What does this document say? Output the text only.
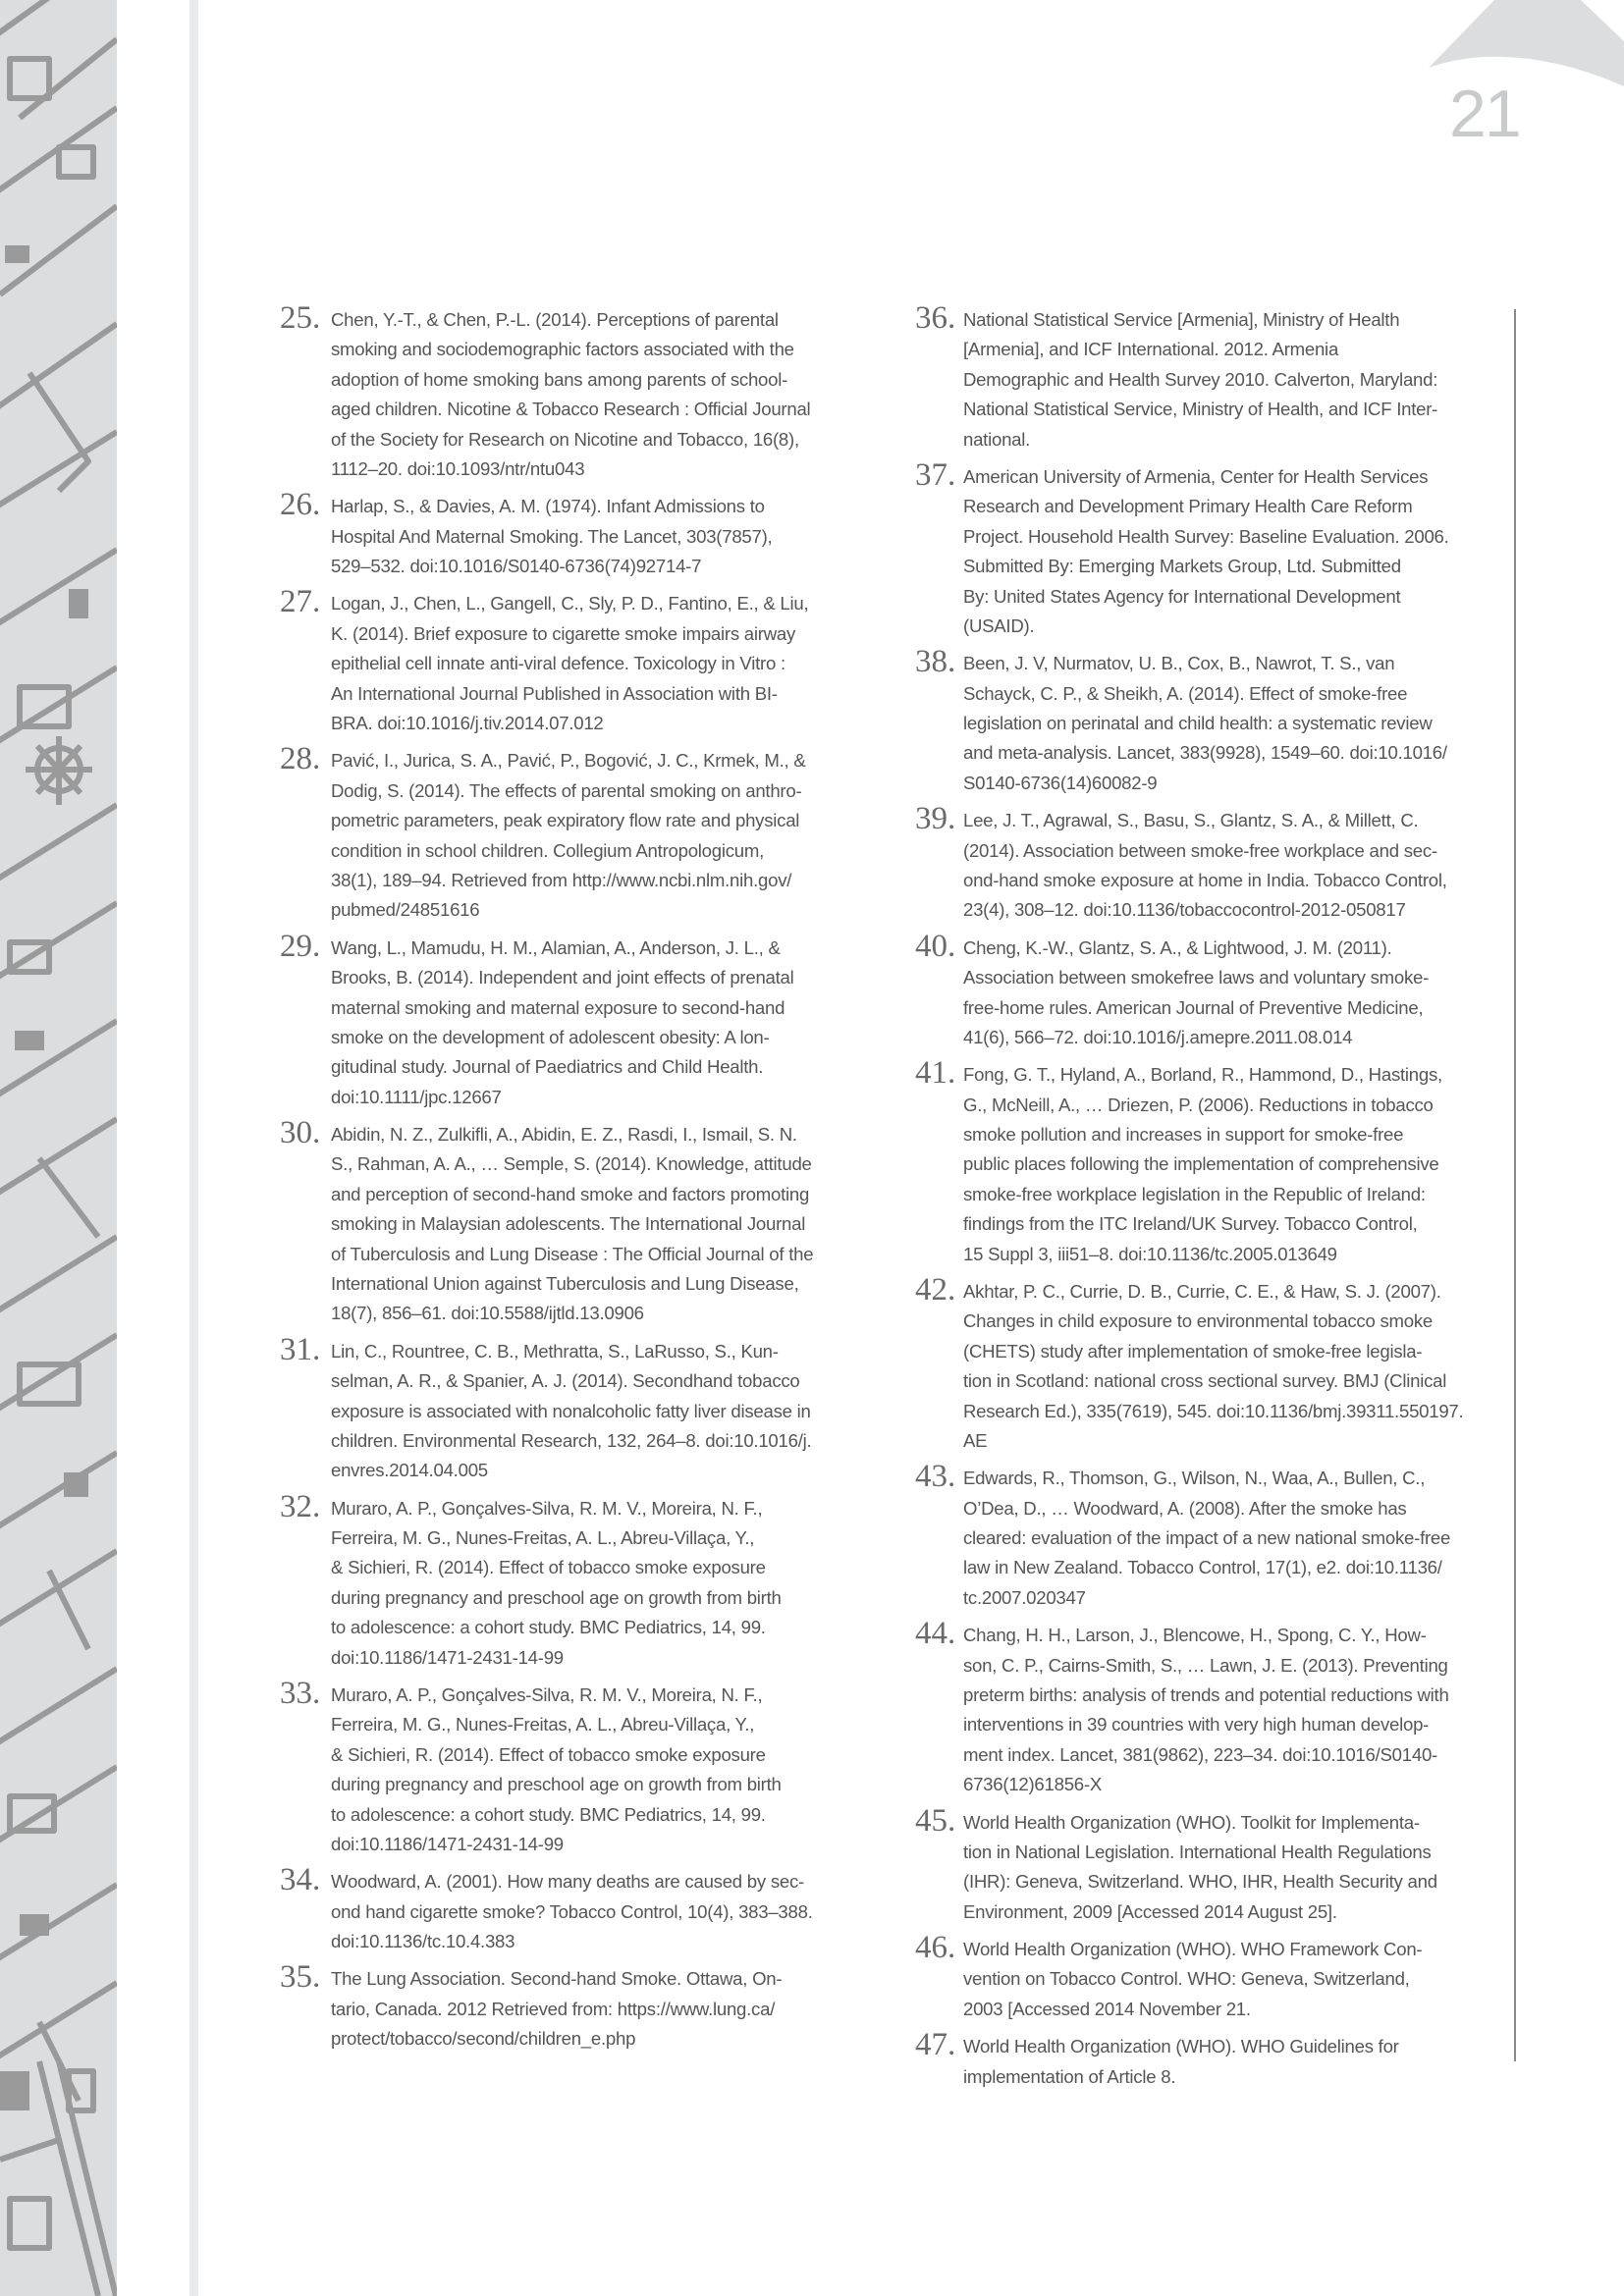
21
25. Chen, Y.-T., & Chen, P.-L. (2014). Perceptions of parental
smoking and sociodemographic factors associated with the
adoption of home smoking bans among parents of school-
aged children. Nicotine & Tobacco Research : Official Journal
of the Society for Research on Nicotine and Tobacco, 16(8),
1112–20. doi:10.1093/ntr/ntu043
26. Harlap, S., & Davies, A. M. (1974). Infant Admissions to
Hospital And Maternal Smoking. The Lancet, 303(7857),
529–532. doi:10.1016/S0140-6736(74)92714-7
27. Logan, J., Chen, L., Gangell, C., Sly, P. D., Fantino, E., & Liu,
K. (2014). Brief exposure to cigarette smoke impairs airway
epithelial cell innate anti-viral defence. Toxicology in Vitro :
An International Journal Published in Association with BI-
BRA. doi:10.1016/j.tiv.2014.07.012
28. Pavić, I., Jurica, S. A., Pavić, P., Bogović, J. C., Krmek, M., &
Dodig, S. (2014). The effects of parental smoking on anthro-
pometric parameters, peak expiratory flow rate and physical
condition in school children. Collegium Antropologicum,
38(1), 189–94. Retrieved from http://www.ncbi.nlm.nih.gov/
pubmed/24851616
29. Wang, L., Mamudu, H. M., Alamian, A., Anderson, J. L., &
Brooks, B. (2014). Independent and joint effects of prenatal
maternal smoking and maternal exposure to second-hand
smoke on the development of adolescent obesity: A lon-
gitudinal study. Journal of Paediatrics and Child Health.
doi:10.1111/jpc.12667
30. Abidin, N. Z., Zulkifli, A., Abidin, E. Z., Rasdi, I., Ismail, S. N.
S., Rahman, A. A., … Semple, S. (2014). Knowledge, attitude
and perception of second-hand smoke and factors promoting
smoking in Malaysian adolescents. The International Journal
of Tuberculosis and Lung Disease : The Official Journal of the
International Union against Tuberculosis and Lung Disease,
18(7), 856–61. doi:10.5588/ijtld.13.0906
31. Lin, C., Rountree, C. B., Methratta, S., LaRusso, S., Kun-
selman, A. R., & Spanier, A. J. (2014). Secondhand tobacco
exposure is associated with nonalcoholic fatty liver disease in
children. Environmental Research, 132, 264–8. doi:10.1016/j.
envres.2014.04.005
32. Muraro, A. P., Gonçalves-Silva, R. M. V., Moreira, N. F.,
Ferreira, M. G., Nunes-Freitas, A. L., Abreu-Villaça, Y.,
& Sichieri, R. (2014). Effect of tobacco smoke exposure
during pregnancy and preschool age on growth from birth
to adolescence: a cohort study. BMC Pediatrics, 14, 99.
doi:10.1186/1471-2431-14-99
33. Muraro, A. P., Gonçalves-Silva, R. M. V., Moreira, N. F.,
Ferreira, M. G., Nunes-Freitas, A. L., Abreu-Villaça, Y.,
& Sichieri, R. (2014). Effect of tobacco smoke exposure
during pregnancy and preschool age on growth from birth
to adolescence: a cohort study. BMC Pediatrics, 14, 99.
doi:10.1186/1471-2431-14-99
34. Woodward, A. (2001). How many deaths are caused by sec-
ond hand cigarette smoke? Tobacco Control, 10(4), 383–388.
doi:10.1136/tc.10.4.383
35. The Lung Association. Second-hand Smoke. Ottawa, On-
tario, Canada. 2012 Retrieved from: https://www.lung.ca/
protect/tobacco/second/children_e.php
36. National Statistical Service [Armenia], Ministry of Health
[Armenia], and ICF International. 2012. Armenia
Demographic and Health Survey 2010. Calverton, Maryland:
National Statistical Service, Ministry of Health, and ICF Inter-
national.
37. American University of Armenia, Center for Health Services
Research and Development Primary Health Care Reform
Project. Household Health Survey: Baseline Evaluation. 2006.
Submitted By: Emerging Markets Group, Ltd. Submitted
By: United States Agency for International Development
(USAID).
38. Been, J. V, Nurmatov, U. B., Cox, B., Nawrot, T. S., van
Schayck, C. P., & Sheikh, A. (2014). Effect of smoke-free
legislation on perinatal and child health: a systematic review
and meta-analysis. Lancet, 383(9928), 1549–60. doi:10.1016/
S0140-6736(14)60082-9
39. Lee, J. T., Agrawal, S., Basu, S., Glantz, S. A., & Millett, C.
(2014). Association between smoke-free workplace and sec-
ond-hand smoke exposure at home in India. Tobacco Control,
23(4), 308–12. doi:10.1136/tobaccocontrol-2012-050817
40. Cheng, K.-W., Glantz, S. A., & Lightwood, J. M. (2011).
Association between smokefree laws and voluntary smoke-
free-home rules. American Journal of Preventive Medicine,
41(6), 566–72. doi:10.1016/j.amepre.2011.08.014
41. Fong, G. T., Hyland, A., Borland, R., Hammond, D., Hastings,
G., McNeill, A., … Driezen, P. (2006). Reductions in tobacco
smoke pollution and increases in support for smoke-free
public places following the implementation of comprehensive
smoke-free workplace legislation in the Republic of Ireland:
findings from the ITC Ireland/UK Survey. Tobacco Control,
15 Suppl 3, iii51–8. doi:10.1136/tc.2005.013649
42. Akhtar, P. C., Currie, D. B., Currie, C. E., & Haw, S. J. (2007).
Changes in child exposure to environmental tobacco smoke
(CHETS) study after implementation of smoke-free legisla-
tion in Scotland: national cross sectional survey. BMJ (Clinical
Research Ed.), 335(7619), 545. doi:10.1136/bmj.39311.550197.
AE
43. Edwards, R., Thomson, G., Wilson, N., Waa, A., Bullen, C.,
O’Dea, D., … Woodward, A. (2008). After the smoke has
cleared: evaluation of the impact of a new national smoke-free
law in New Zealand. Tobacco Control, 17(1), e2. doi:10.1136/
tc.2007.020347
44. Chang, H. H., Larson, J., Blencowe, H., Spong, C. Y., How-
son, C. P., Cairns-Smith, S., … Lawn, J. E. (2013). Preventing
preterm births: analysis of trends and potential reductions with
interventions in 39 countries with very high human develop-
ment index. Lancet, 381(9862), 223–34. doi:10.1016/S0140-
6736(12)61856-X
45. World Health Organization (WHO). Toolkit for Implementa-
tion in National Legislation. International Health Regulations
(IHR): Geneva, Switzerland. WHO, IHR, Health Security and
Environment, 2009 [Accessed 2014 August 25].
46. World Health Organization (WHO). WHO Framework Con-
vention on Tobacco Control. WHO: Geneva, Switzerland,
2003 [Accessed 2014 November 21.
47. World Health Organization (WHO). WHO Guidelines for
implementation of Article 8.
